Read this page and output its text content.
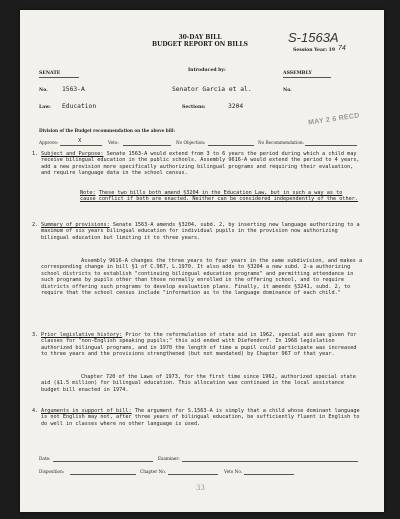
S-1563A
30-DAY BILL
BUDGET REPORT ON BILLS
Session Year: 19 74
SENATE
Introduced by:
ASSEMBLY
No. 1563-A	Senator Garcia et al.	No.
Law: Education	Sections:	3204
MAY 2 6 RECD
Division of the Budget recommendation on the above bill:
Approve:	X	Veto:	No Objection:	No Recommendation:
1. Subject and Purpose: Senate 1563-A would extend from 3 to 6 years the period during which a child may receive bilingual education in the public schools. Assembly 9616-A would extend the period to 4 years, add a new provision more specifically authorizing bilingual programs and requiring their evaluation, and require language data in the school census.
Note: These two bills both amend §3204 in the Education Law, but in such a way as to cause conflict if both are enacted. Neither can be considered independently of the other.
2. Summary of provisions: Senate 1563-A amends §3204, subd. 2, by inserting new language authorizing to a maximum of six years bilingual education for individual pupils in the provision now authorizing bilingual education but limiting it to three years.
Assembly 9616-A changes the three years to four years in the same subdivision, and makes a corresponding change in bill §1 of C.967, L.1970. It also adds to §3204 a new subd. 2-a authorizing school districts to establish "continuing bilingual education programs" and permitting attendance in such programs by pupils other than those normally enrolled in the offering school, and to require districts offering such programs to develop evaluation plans. Finally, it amends §3241, subd. 2, to require that the school census include "information as to the language dominance of each child."
3. Prior legislative history: Prior to the reformulation of state aid in 1962, special aid was given for classes for "non-English speaking pupils;" this aid ended with Diefendorf. In 1968 legislation authorized bilingual programs, and in 1970 the length of time a pupil could participate was increased to three years and the provisions strengthened (but not mandated) by Chapter 967 of that year.
Chapter 720 of the Laws of 1973, for the first time since 1962, authorized special state aid ($1.5 million) for bilingual education. This allocation was continued in the local assistance budget bill enacted in 1974.
4. Arguments in support of bill: The argument for S.1563-A is simply that a child whose dominant language is not English may not, after three years of bilingual education, be sufficiently fluent in English to do well in classes where no other language is used.
Date:	Examiner:
Disposition:	Chapter No.	Veto No.
33
